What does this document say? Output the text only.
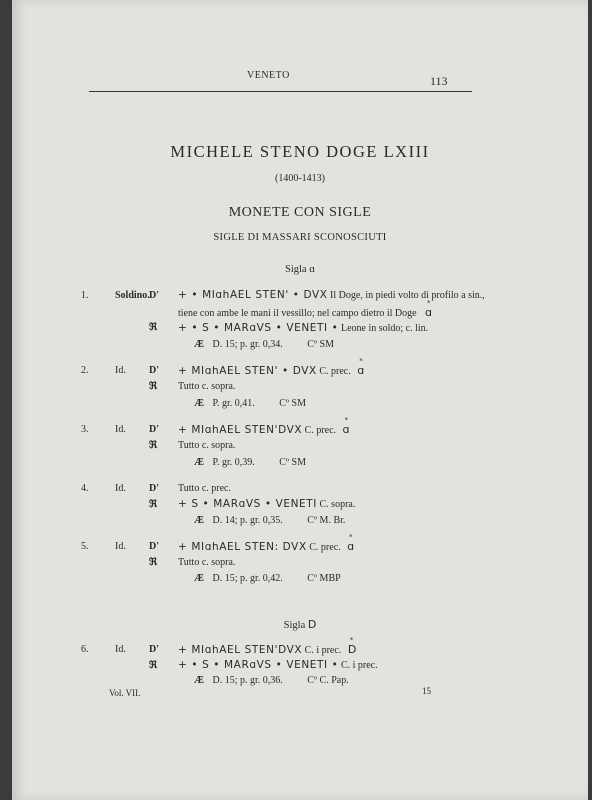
VENETO	113
MICHELE STENO DOGE LXIII
(1400-1413)
MONETE CON SIGLE
SIGLE DI MASSARI SCONOSCIUTI
Sigla ɑ
1.	Soldino. D' + • MIɑhAEL STEN' • DVX Il Doge, in piedi volto di profilo a sin.,
tiene con ambe le mani il vessillo; nel campo dietro il Doge
*
ɑ
ℜ + • S • MARɑVS • VENETI • Leone in soldo; c. lin.
Æ D. 15; p. gr. 0,34. Cº SM
2.	Id. D' + MIɑhAEL STEN' • DVX C. prec.
*
ɑ
ℜ Tutto c. sopra.
Æ P. gr. 0,41. Cº SM
3.	Id. D' + MIɑhAEL STEN'DVX C. prec.
*
ɑ
ℜ Tutto c. sopra.
Æ P. gr. 0,39. Cº SM
4.	Id. D' Tutto c. prec.
ℜ + S • MARɑVS • VENETI C. sopra.
Æ D. 14; p. gr. 0,35. Cº M. Br.
5.	Id. D' + MIɑhAEL STEN: DVX C. prec.
*
ɑ
ℜ Tutto c. sopra.
Æ D. 15; p. gr. 0,42. Cº MBP
Sigla D
6.	Id. D' + MIɑhAEL STEN'DVX C. i prec.
*
D
ℜ + • S • MARɑVS • VENETI • C. i prec.
Æ D. 15; p. gr. 0,36. Cº C. Pap.
Vol. VII.	15
